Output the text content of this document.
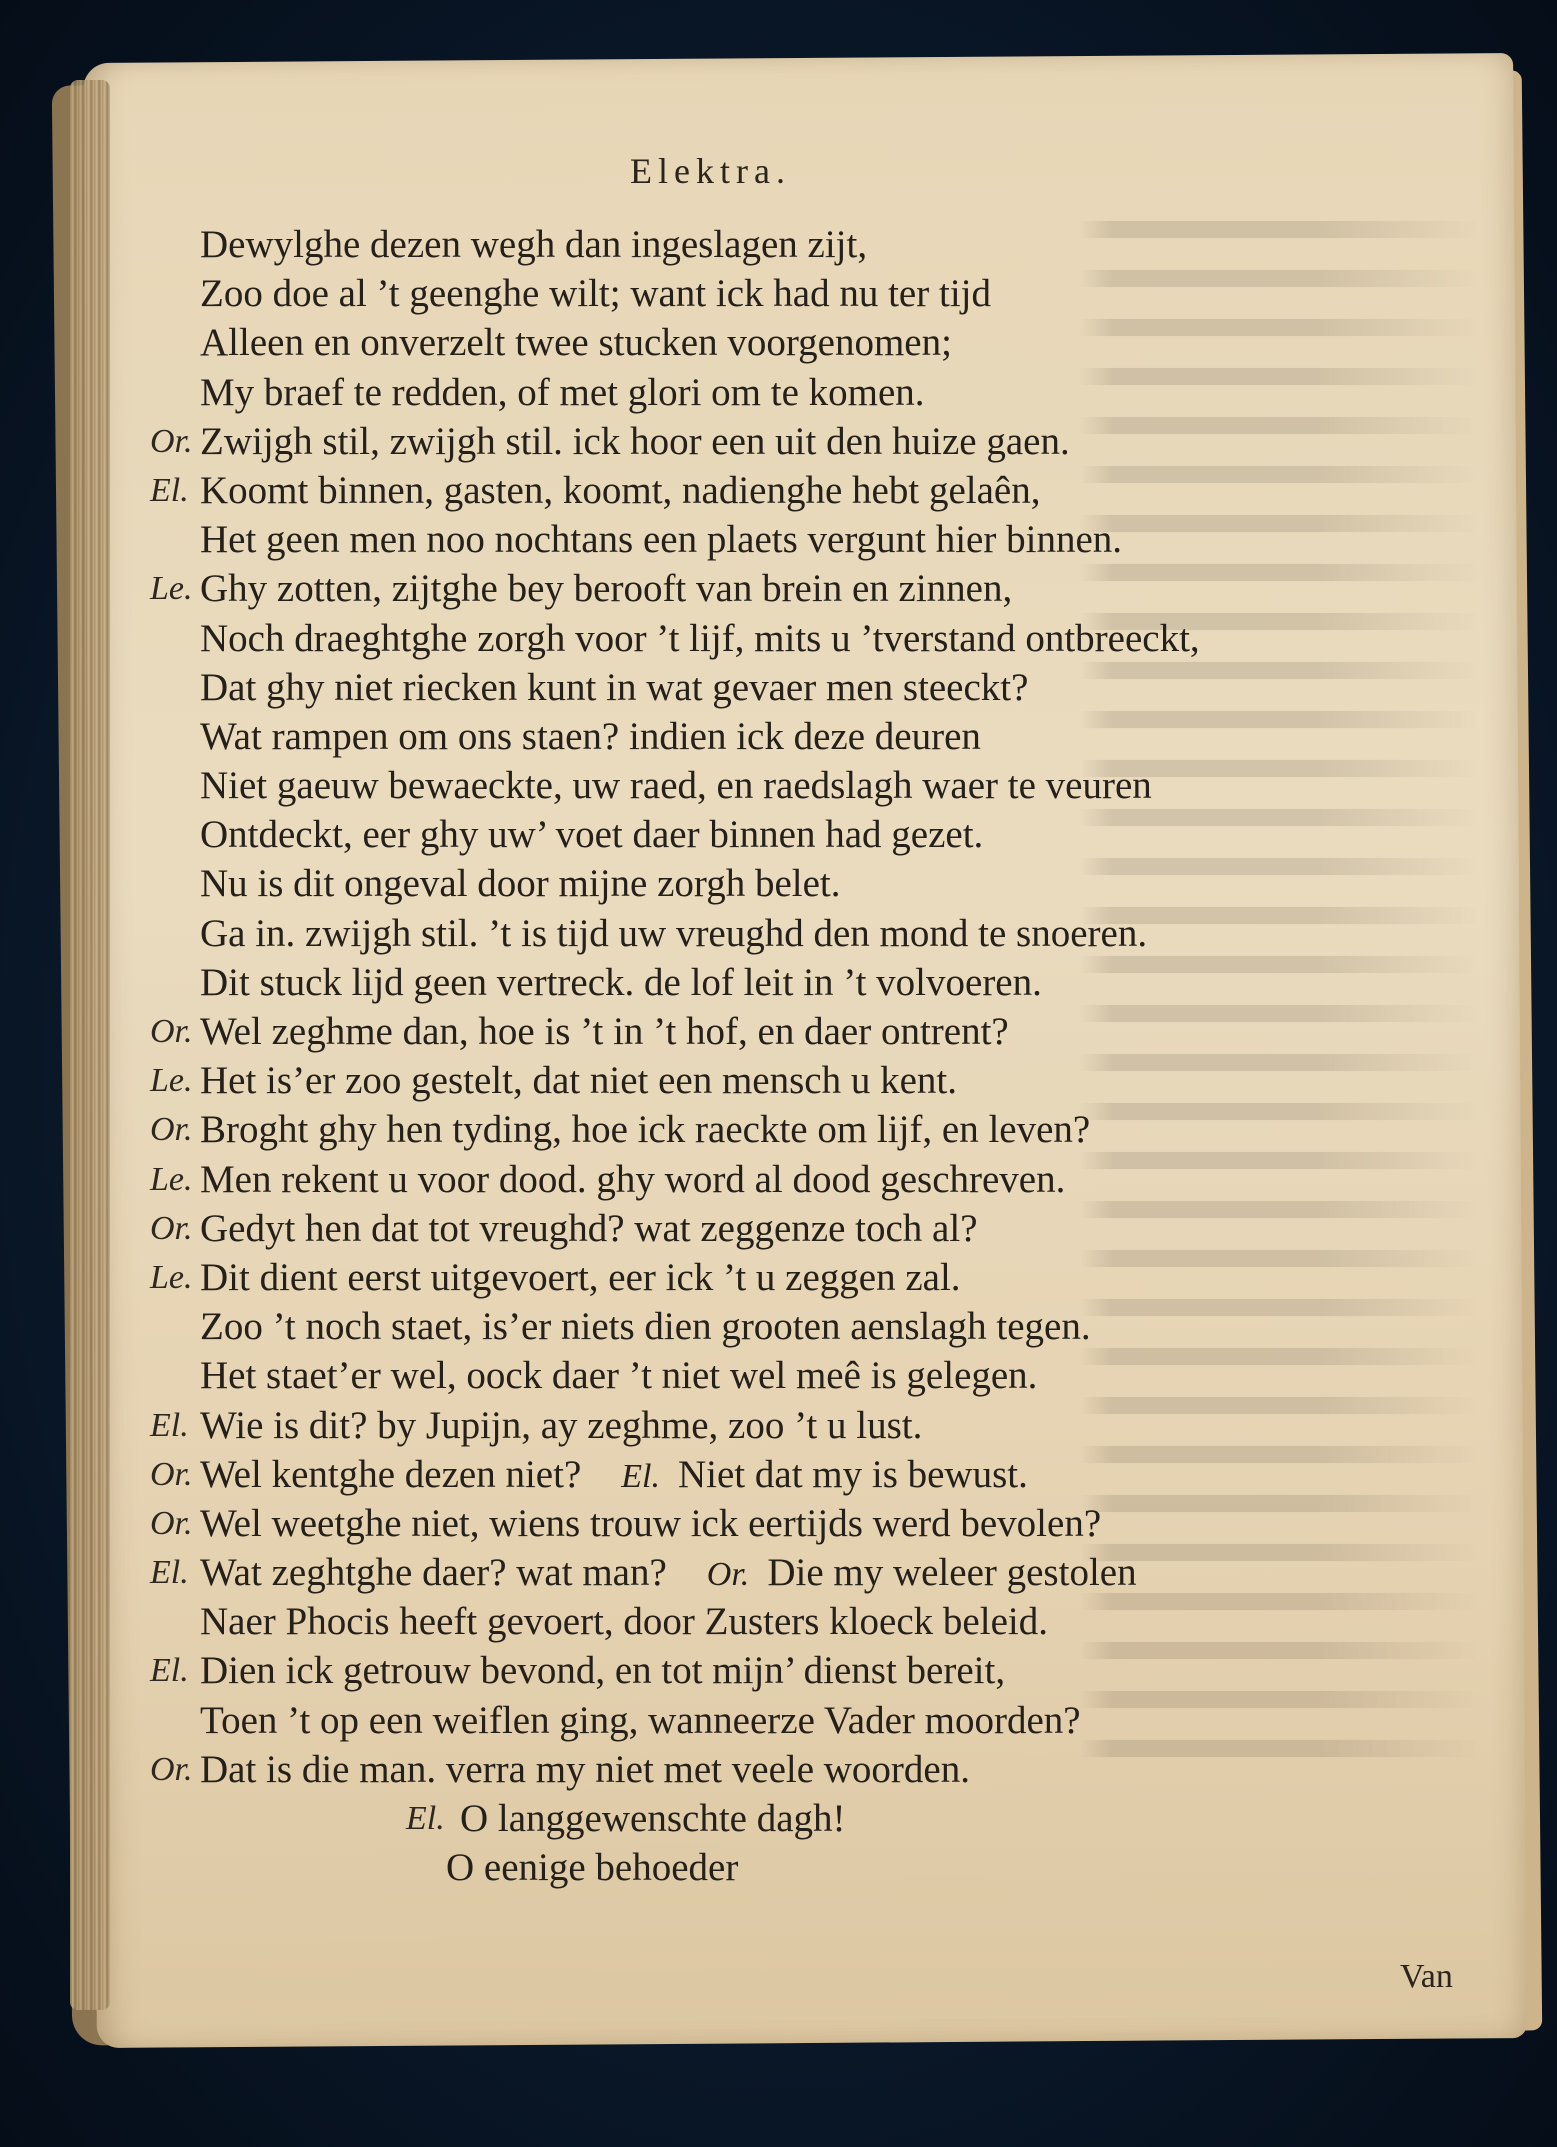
Elektra.
Dewylghe dezen wegh dan ingeslagen zijt,
Zoo doe al ’t geenghe wilt; want ick had nu ter tijd
Alleen en onverzelt twee stucken voorgenomen;
My braef te redden, of met glori om te komen.
Or. Zwijgh stil, zwijgh stil. ick hoor een uit den huize gaen.
El. Koomt binnen, gasten, koomt, nadienghe hebt gelaên,
Het geen men noo nochtans een plaets vergunt hier binnen.
Le. Ghy zotten, zijtghe bey berooft van brein en zinnen,
Noch draeghtghe zorgh voor ’t lijf, mits u ’tverstand ontbreeckt,
Dat ghy niet riecken kunt in wat gevaer men steeckt?
Wat rampen om ons staen? indien ick deze deuren
Niet gaeuw bewaeckte, uw raed, en raedslagh waer te veuren
Ontdeckt, eer ghy uw’ voet daer binnen had gezet.
Nu is dit ongeval door mijne zorgh belet.
Ga in. zwijgh stil. ’t is tijd uw vreughd den mond te snoeren.
Dit stuck lijd geen vertreck. de lof leit in ’t volvoeren.
Or. Wel zeghme dan, hoe is ’t in ’t hof, en daer ontrent?
Le. Het is’er zoo gestelt, dat niet een mensch u kent.
Or. Broght ghy hen tyding, hoe ick raeckte om lijf, en leven?
Le. Men rekent u voor dood. ghy word al dood geschreven.
Or. Gedyt hen dat tot vreughd? wat zeggenze toch al?
Le. Dit dient eerst uitgevoert, eer ick ’t u zeggen zal.
Zoo ’t noch staet, is’er niets dien grooten aenslagh tegen.
Het staet’er wel, oock daer ’t niet wel meê is gelegen.
El. Wie is dit? by Jupijn, ay zeghme, zoo ’t u lust.
Or. Wel kentghe dezen niet? El. Niet dat my is bewust.
Or. Wel weetghe niet, wiens trouw ick eertijds werd bevolen?
El. Wat zeghtghe daer? wat man? Or. Die my weleer gestolen
Naer Phocis heeft gevoert, door Zusters kloeck beleid.
El. Dien ick getrouw bevond, en tot mijn’ dienst bereit,
Toen ’t op een weiflen ging, wanneerze Vader moorden?
Or. Dat is die man. verra my niet met veele woorden.
El. O langgewenschte dagh!
O eenige behoeder
Van
